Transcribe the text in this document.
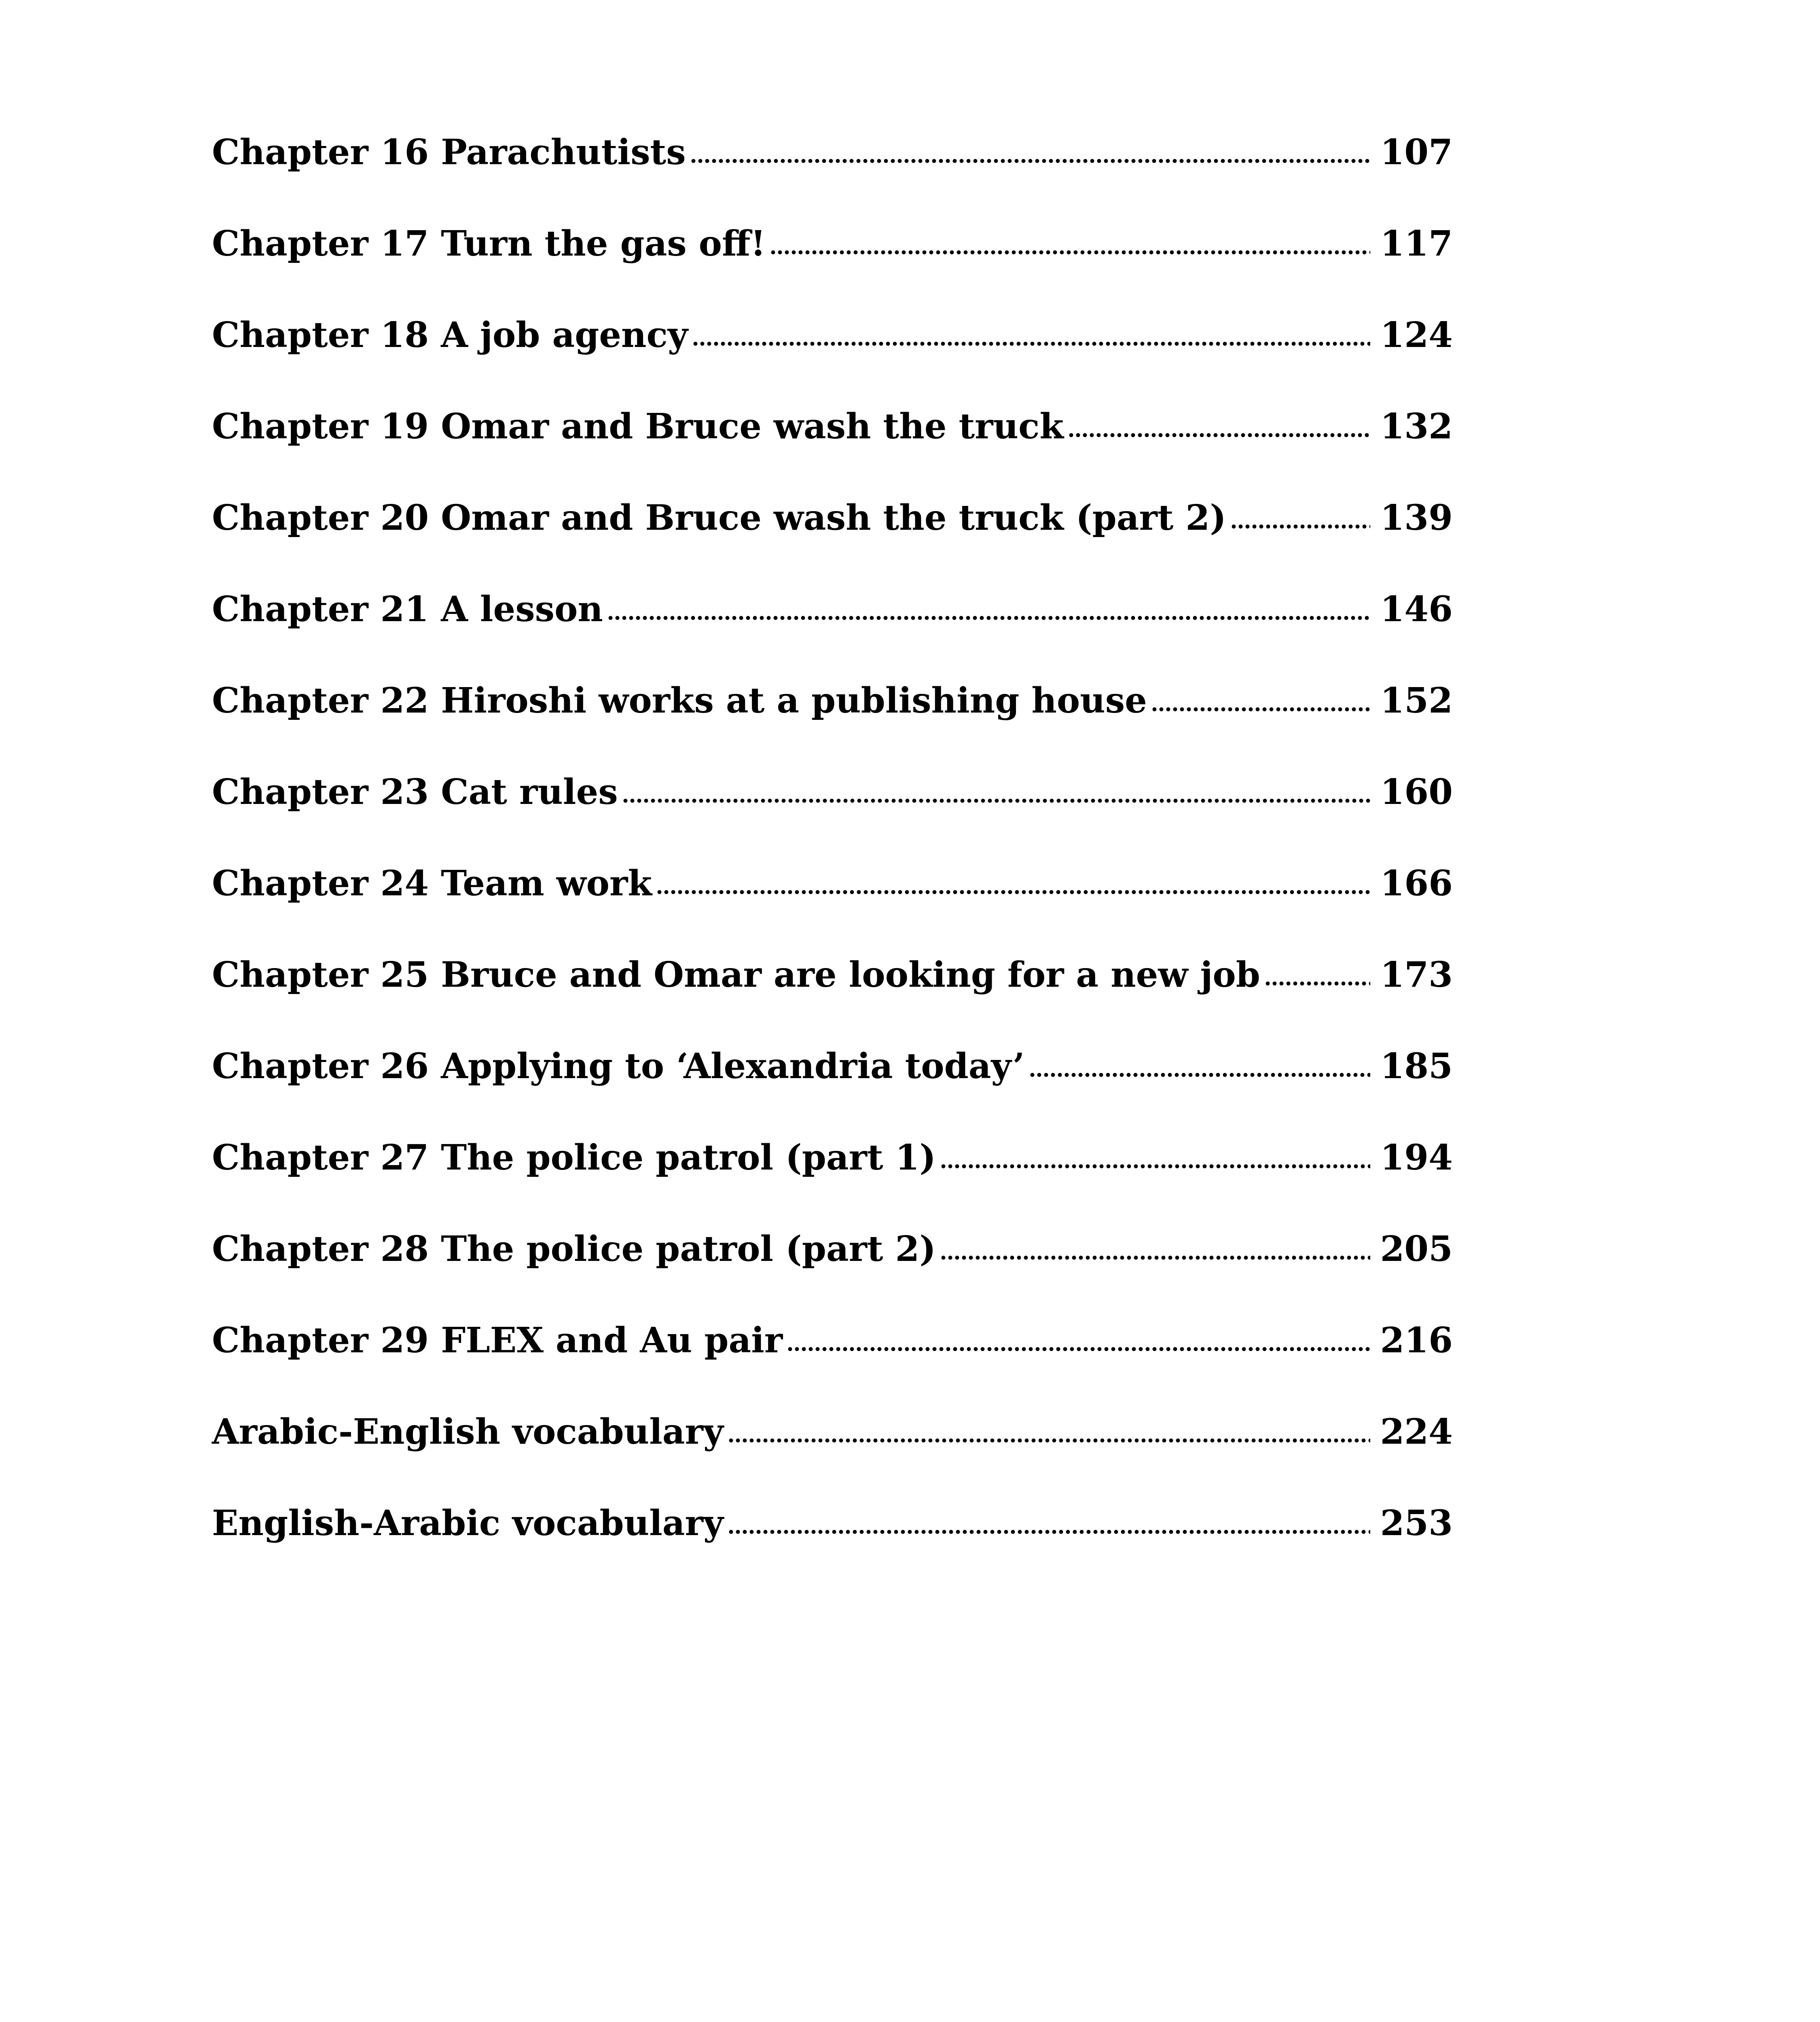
Chapter 16 Parachutists	107
Chapter 17 Turn the gas off!	117
Chapter 18 A job agency	124
Chapter 19 Omar and Bruce wash the truck	132
Chapter 20 Omar and Bruce wash the truck (part 2)	139
Chapter 21 A lesson	146
Chapter 22 Hiroshi works at a publishing house	152
Chapter 23 Cat rules	160
Chapter 24 Team work	166
Chapter 25 Bruce and Omar are looking for a new job	173
Chapter 26 Applying to ‘Alexandria today’	185
Chapter 27 The police patrol (part 1)	194
Chapter 28 The police patrol (part 2)	205
Chapter 29 FLEX and Au pair	216
Arabic-English vocabulary	224
English-Arabic vocabulary	253
